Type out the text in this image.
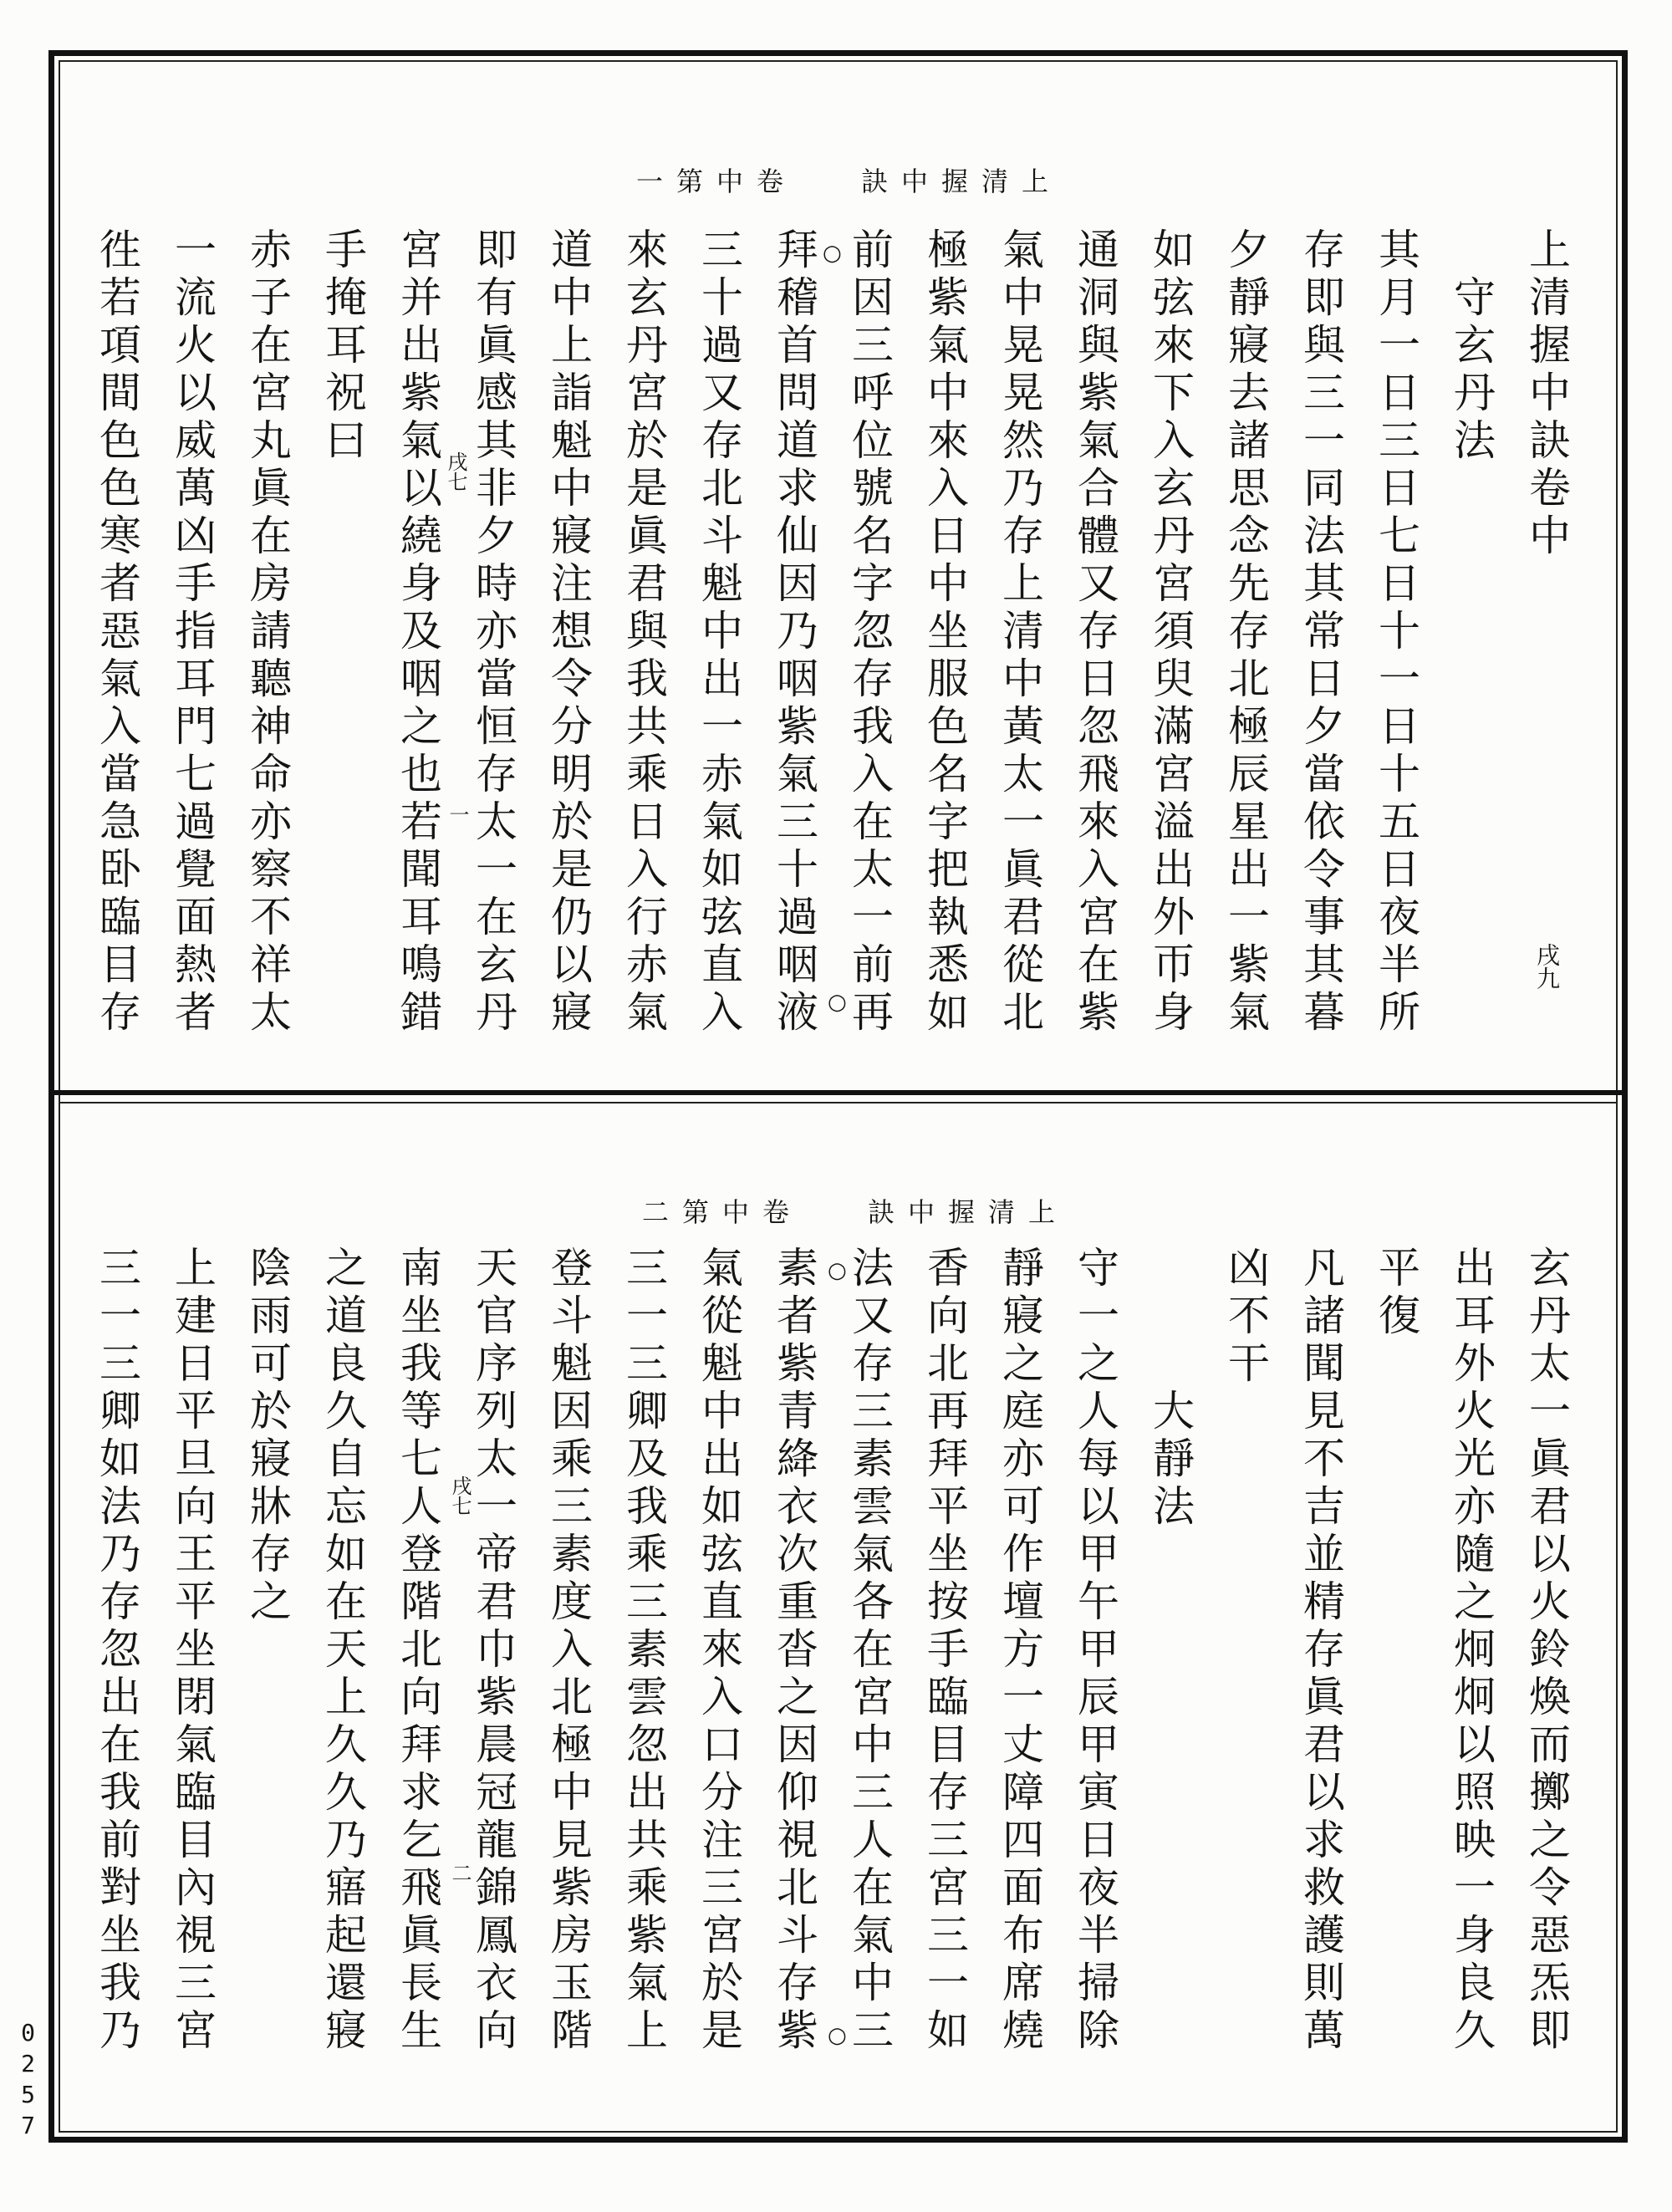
上清握中訣
卷中第一
上清握中訣卷中
守玄丹法
其月一日三日七日十一日十五日夜半所
存即與三一同法其常日夕當依令事其暮
夕靜寢去諸思念先存北極辰星出一紫氣
如弦來下入玄丹宮須臾滿宮溢出外帀身
通洞與紫氣合體又存日忽飛來入宮在紫
氣中晃晃然乃存上清中黃太一眞君從北
極紫氣中來入日中坐服色名字把執悉如
前因三呼位號名字忽存我入在太一前再
拜稽首問道求仙因乃咽紫氣三十過咽液
三十過又存北斗魁中出一赤氣如弦直入
來玄丹宮於是眞君與我共乘日入行赤氣
道中上詣魁中寢注想令分明於是仍以寢
即有眞感其非夕時亦當恒存太一在玄丹
宮并出紫氣以繞身及咽之也若聞耳鳴錯
手掩耳祝曰
赤子在宮丸眞在房請聽神命亦察不祥太
一流火以威萬凶手指耳門七過覺面熱者
徃若項間色色寒者惡氣入當急卧臨目存	戌九
戌七
一
○
○
上清握中訣
卷中第二
玄丹太一眞君以火鈴煥而擲之令惡炁即
出耳外火光亦隨之炯炯以照映一身良久
平復
凡諸聞見不吉並精存眞君以求救護則萬
凶不干
大靜法
守一之人每以甲午甲辰甲寅日夜半掃除
靜寢之庭亦可作壇方一丈障四面布席燒
香向北再拜平坐按手臨目存三宮三一如
法又存三素雲氣各在宮中三人在氣中三
素者紫青絳衣次重沓之因仰視北斗存紫
氣從魁中出如弦直來入口分注三宮於是
三一三卿及我乘三素雲忽出共乘紫氣上
登斗魁因乘三素度入北極中見紫房玉階
天官序列太一帝君巾紫晨冠龍錦鳳衣向
南坐我等七人登階北向拜求乞飛眞長生
之道良久自忘如在天上久久乃寤起還寢
陰雨可於寢牀存之
上建日平旦向王平坐閉氣臨目內視三宮
三一三卿如法乃存忽出在我前對坐我乃	戌七
二
○
○
0257
